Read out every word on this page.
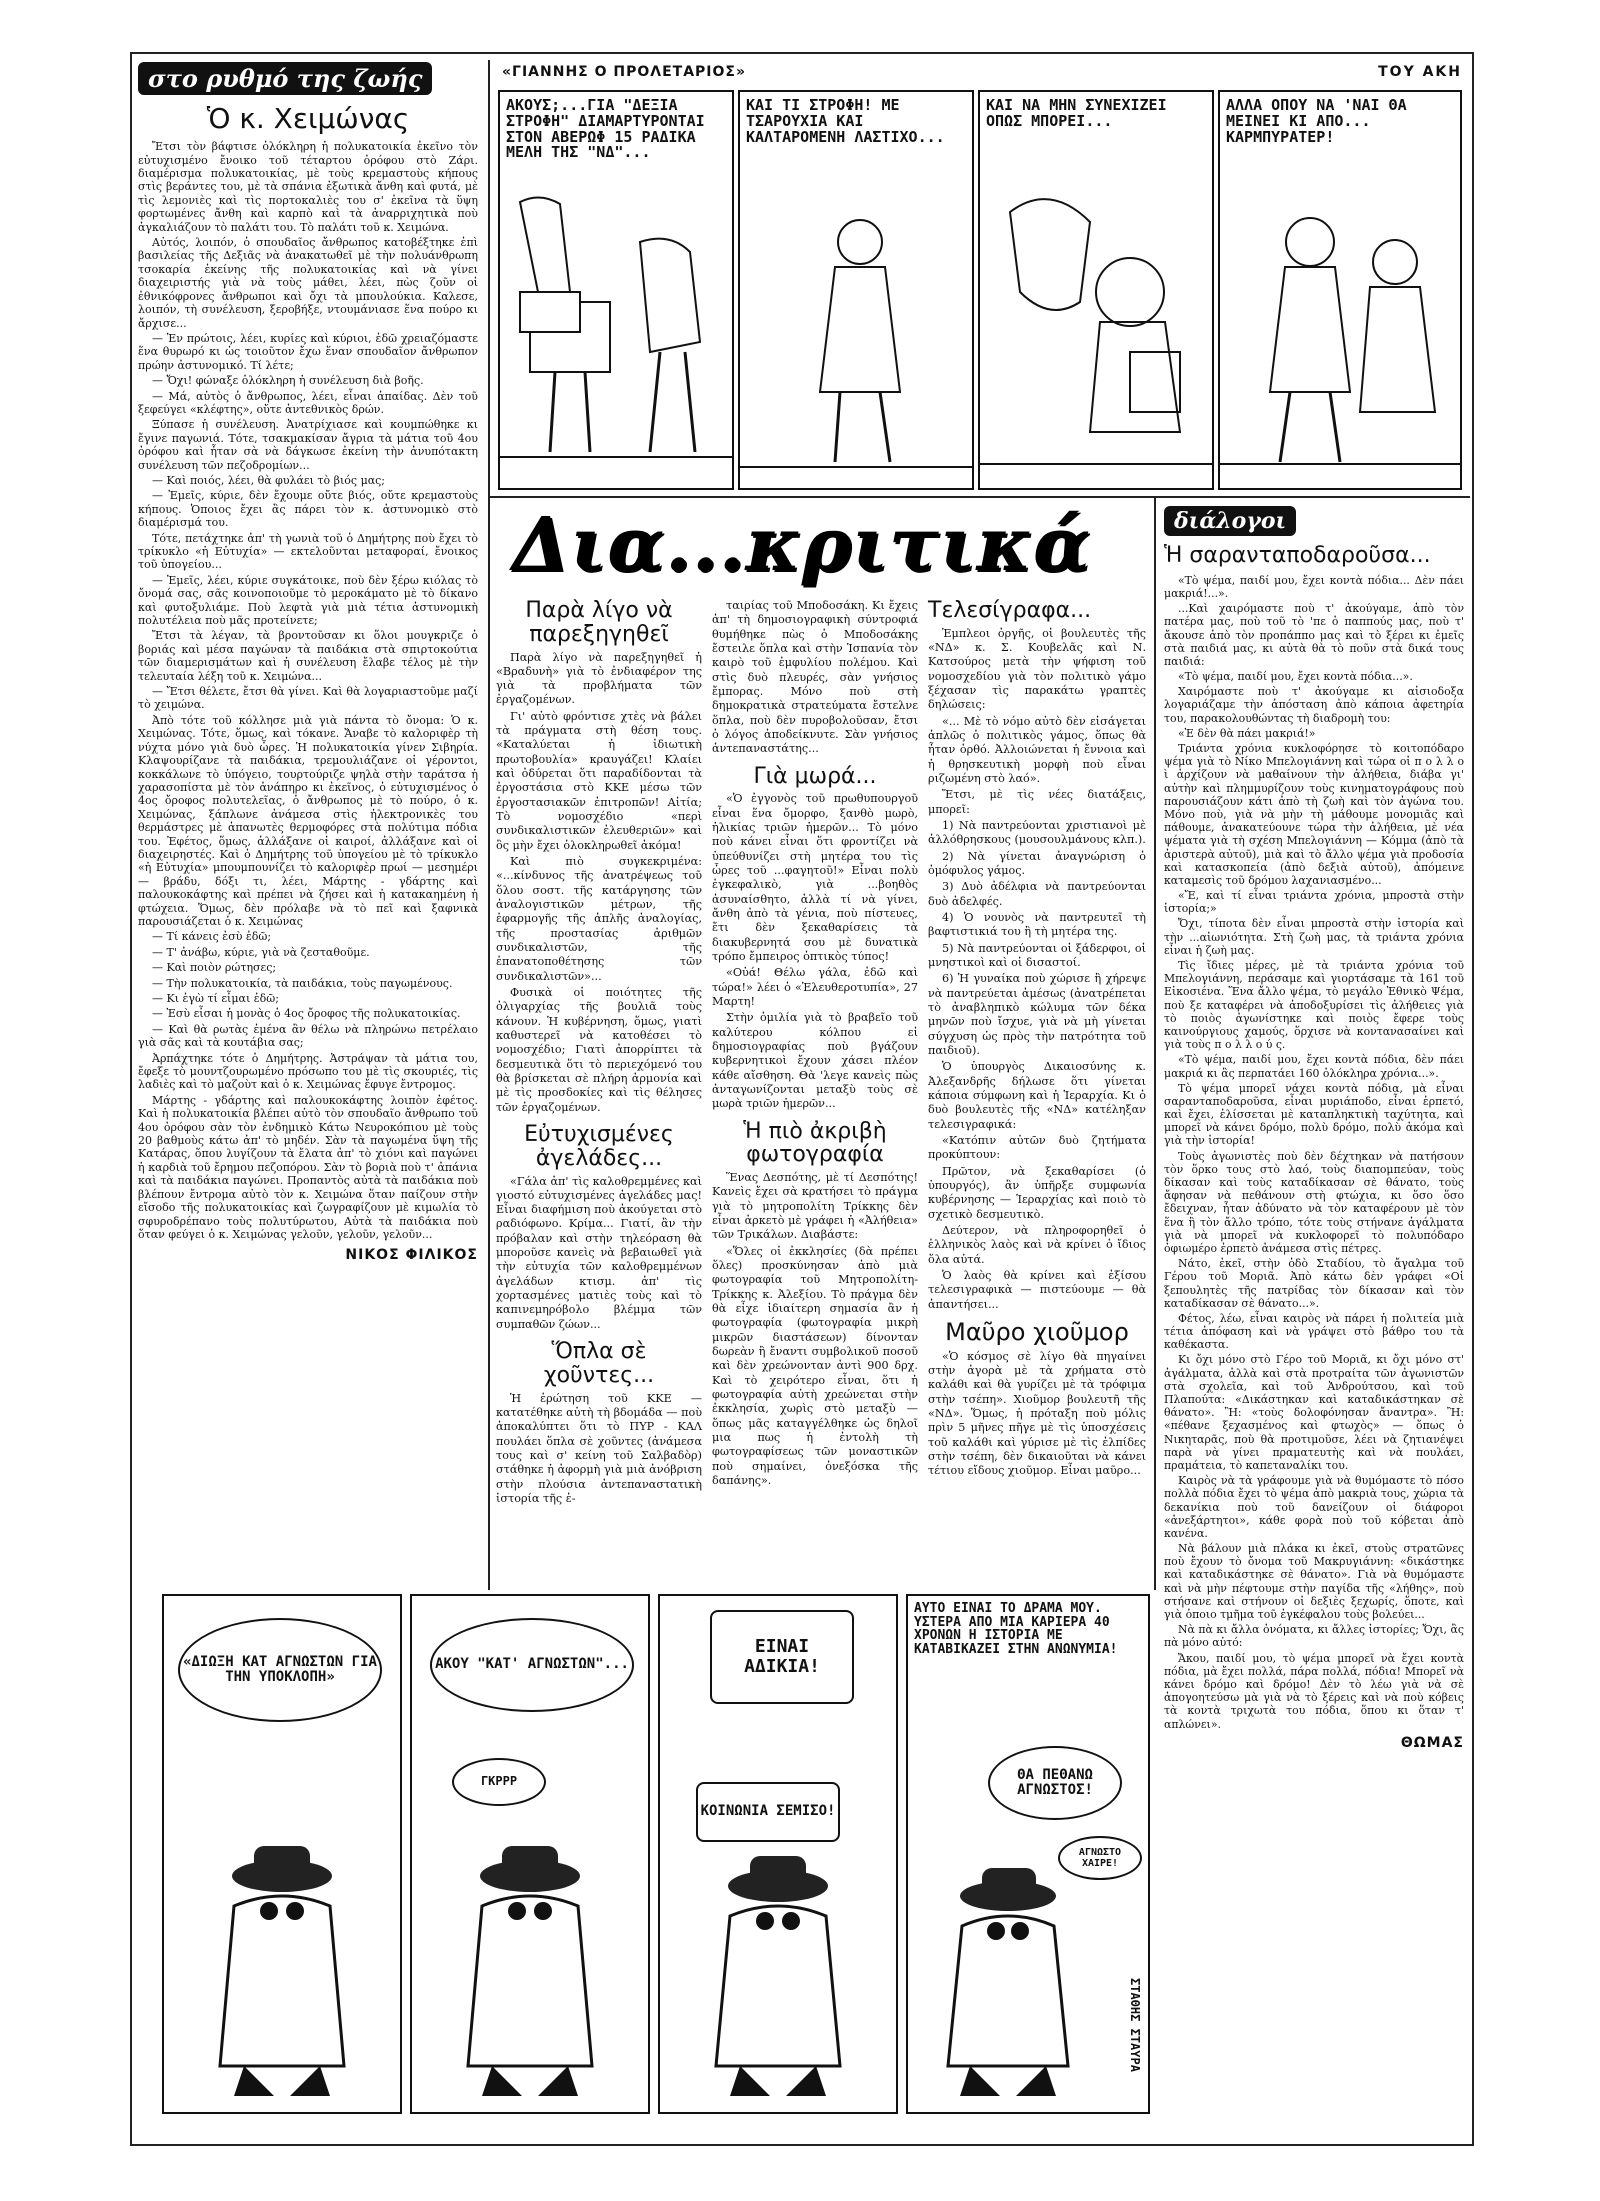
στο ρυθμό της ζωής	«ΓΙΑΝΝΗΣ Ο ΠΡΟΛΕΤΑΡΙΟΣ»	ΤΟΥ ΑΚΗ
Ὁ κ. Χειμώνας

Ἔτσι τὸν βάφτισε ὁλόκληρη ἡ πολυκατοικία ἐκεῖνο τὸν εὐτυχισμένο ἔνοικο τοῦ τέταρτου ὀρόφου στὸ Ζάρι. διαμέρισμα πολυκατοικίας, μὲ τοὺς κρεμαστοὺς κήπους στὶς βεράντες του, μὲ τὰ σπάνια ἐξωτικὰ ἄνθη καὶ φυτά, μὲ τὶς λεμονιὲς καὶ τὶς πορτοκαλιὲς του σ' ἐκεῖνα τὰ ὕψη φορτωμένες ἄνθη καὶ καρπὸ καὶ τὰ ἀναρριχητικὰ ποὺ ἀγκαλιάζουν τὸ παλάτι του. Τὸ παλάτι τοῦ κ. Χειμώνα.

Αὐτός, λοιπόν, ὁ σπουδαῖος ἄνθρωπος κατοβέξτηκε ἐπὶ βασιλείας τῆς Δεξιᾶς νὰ ἀνακατωθεῖ μὲ τὴν πολυάνθρωπη τσοκαρία ἐκείνης τῆς πολυκατοικίας καὶ νὰ γίνει διαχειριστής γιὰ νὰ τοὺς μάθει, λέει, πὼς ζοῦν οἱ ἐθνικόφρονες ἄνθρωποι καὶ ὄχι τὰ μπουλούκια. Καλεσε, λοιπόν, τὴ συνέλευση, ξεροβήξε, ντουμάνιασε ἕνα πούρο κι ἄρχισε...

— Ἐν πρώτοις, λέει, κυρίες καὶ κύριοι, ἐδῶ χρειαζόμαστε ἕνα θυρωρό κι ὡς τοιοῦτον ἔχω ἕναν σπουδαῖον ἄνθρωπον πρώην ἀστυνομικό. Τί λέτε;

— Ὄχι! φώναξε ὁλόκληρη ἡ συνέλευση διὰ βοῆς.

— Μά, αὐτὸς ὁ ἄνθρωπος, λέει, εἶναι ἀπαίδας. Δὲν τοῦ ξεφεύγει «κλέφτης», οὔτε ἀντεθνικὸς δρών.

Ξύπασε ἡ συνέλευση. Ἀνατρίχιασε καὶ κουμπώθηκε κι ἔγινε παγωνιά. Τότε, τσακμακίσαν ἄγρια τὰ μάτια τοῦ 4ου ὀρόφου καὶ ἦταν σὰ νὰ δάγκωσε ἐκείνη τὴν ἀνυπότακτη συνέλευση τῶν πεζοδρομίων...

— Καὶ ποιός, λέει, θὰ φυλάει τὸ βιός μας;

— Ἐμεῖς, κύριε, δὲν ἔχουμε οὔτε βιός, οὔτε κρεμαστοὺς κήπους. Ὁποιος ἔχει ἂς πάρει τὸν κ. ἀστυνομικὸ στὸ διαμέρισμά του.

Τότε, πετάχτηκε ἀπ' τὴ γωνιὰ τοῦ ὁ Δημήτρης ποὺ ἔχει τὸ τρίκυκλο «ἡ Εὐτυχία» — εκτελοῦνται μεταφοραί, ἔνοικος τοῦ ὑπογείου...

— Ἐμεῖς, λέει, κύριε συγκάτοικε, ποὺ δὲν ξέρω κιόλας τὸ ὄνομά σας, σᾶς κοινοποιοῦμε τὸ μεροκάματο μὲ τὸ δίκανο καὶ φυτοξυλιάμε. Ποὺ λεφτὰ γιὰ μιὰ τέτια ἀστυνομικὴ πολυτέλεια ποὺ μᾶς προτείνετε;

Ἔτσι τὰ λέγαν, τὰ βροντοῦσαν κι ὅλοι μουγκριζε ὁ βοριάς καὶ μέσα παγώναν τὰ παιδάκια στὰ σπιρτοκούτια τῶν διαμερισμάτων καὶ ἡ συνέλευση ἔλαβε τέλος μὲ τὴν τελευταία λέξη τοῦ κ. Χειμώνα...

— Ἔτσι θέλετε, ἔτσι θὰ γίνει. Καὶ θὰ λογαριαστοῦμε μαζί τὸ χειμώνα.

Ἀπὸ τότε τοῦ κόλλησε μιὰ γιὰ πάντα τὸ ὄνομα: Ὁ κ. Χειμώνας. Τότε, ὅμως, καὶ τόκανε. Ἄναβε τὸ καλοριφὲρ τὴ νύχτα μόνο γιὰ δυὸ ὧρες. Ἡ πολυκατοικία γίνεν Σιβηρία. Κλαψουρίζανε τὰ παιδάκια, τρεμουλιάζανε οἱ γέροντοι, κοκκάλωνε τὸ ὑπόγειο, τουρτούριζε ψηλὰ στὴν ταράτσα ἡ χαρασοπίστα μὲ τὸν ἀνάπηρο κι ἐκεῖνος, ὁ εὐτυχισμένος ὁ 4ος ὄροφος πολυτελεῖας, ὁ ἄνθρωπος μὲ τὸ πούρο, ὁ κ. Χειμώνας, ξάπλωνε ἀνάμεσα στὶς ἠλεκτρονικὲς του θερμάστρες μὲ ἀπανωτὲς θερμοφόρες στὰ πολύτιμα πόδια του. Ἐφέτος, ὅμως, ἀλλάξανε οἱ καιροί, ἀλλάξανε καὶ οἱ διαχειρηστές. Καὶ ὁ Δημήτρης τοῦ ὑπογείου μὲ τὸ τρίκυκλο «ἡ Εὐτυχία» μπουμπουνίζει τὸ καλοριφὲρ πρωί — μεσημέρι — βράδυ, δόξι τι, λέει, Μάρτης - γδάρτης καὶ παλουκοκάφτης καὶ πρέπει νὰ ζήσει καὶ ἡ κατακαημένη ἡ φτώχεια. Ὅμως, δὲν πρόλαβε νὰ τὸ πεῖ καὶ ξαφνικὰ παρουσιάζεται ὁ κ. Χειμώνας

— Τί κάνεις ἐσὺ ἐδῶ;

— Τ' ἀνάβω, κύριε, γιὰ νὰ ζεσταθοῦμε.

— Καὶ ποιὸν ρώτησες;

— Τὴν πολυκατοικία, τὰ παιδάκια, τοὺς παγωμένους.

— Κι ἐγὼ τί εἶμαι ἐδῶ;

— Ἐσὺ εἶσαι ἡ μονὰς ὁ 4ος ὄροφος τῆς πολυκατοικίας.

— Καὶ θὰ ρωτὰς ἐμένα ἂν θέλω νὰ πληρώνω πετρέλαιο γιὰ σᾶς καὶ τὰ κουτάβια σας;

Ἀρπάχτηκε τότε ὁ Δημήτρης. Ἀστράψαν τὰ μάτια του, ἔφεξε τὸ μουντζουρωμένο πρόσωπο του μὲ τὶς σκουριές, τὶς λαδιὲς καὶ τὸ μαζοὺτ καὶ ὁ κ. Χειμώνας ἔφυγε ἔντρομος.

Μάρτης - γδάρτης καὶ παλουκοκάφτης λοιπὸν ἐφέτος. Καὶ ἡ πολυκατοικία βλέπει αὐτὸ τὸν σπουδαῖο ἄνθρωπο τοῦ 4ου ὀρόφου σὰν τὸν ἐνδημικὸ Κάτω Νευροκόπιου μὲ τοὺς 20 βαθμοὺς κάτω ἀπ' τὸ μηδέν. Σὰν τὰ παγωμένα ὕψη τῆς Κατάρας, ὅπου λυγίζουν τὰ ἔλατα ἀπ' τὸ χιόνι καὶ παγώνει ἡ καρδιὰ τοῦ ἔρημου πεζοπόρου. Σὰν τὸ βοριὰ ποὺ τ' ἀπάνια καὶ τὰ παιδάκια παγώνει. Προπαντὸς αὐτὰ τὰ παιδάκια ποὺ βλέπουν ἔντρομα αὐτὸ τὸν κ. Χειμώνα ὅταν παίζουν στὴν εἴσοδο τῆς πολυκατοικίας καὶ ζωγραφίζουν μὲ κιμωλία τὸ σφυροδρέπανο τοὺς πολυτύρωτου, Αὐτὰ τὰ παιδάκια ποὺ ὅταν φεύγει ὁ κ. Χειμώνας γελοῦν, γελοῦν, γελοῦν...

ΝΙΚΟΣ ΦΙΛΙΚΟΣ
ΑΚΟΥΣ;...ΓΙΑ "ΔΕΞΙΑ ΣΤΡΟΦΗ" ΔΙΑΜΑΡΤΥΡΟΝΤΑΙ ΣΤΟΝ ΑΒΕΡΩΦ 15 ΡΑΔΙΚΑ ΜΕΛΗ ΤΗΣ "ΝΔ"...
ΚΑΙ ΤΙ ΣΤΡΟΦΗ! ΜΕ ΤΣΑΡΟΥΧΙΑ ΚΑΙ ΚΑΛΤΑΡΟΜΕΝΗ ΛΑΣΤΙΧΟ...
ΚΑΙ ΝΑ ΜΗΝ ΣΥΝΕΧΙΖΕΙ ΟΠΩΣ ΜΠΟΡΕΙ...
ΑΛΛΑ ΟΠΟΥ ΝΑ 'ΝΑΙ ΘΑ ΜΕΙΝΕΙ ΚΙ ΑΠΟ... ΚΑΡΜΠΥΡΑΤΕΡ!
Δια...κριτικά
Παρὰ λίγο νὰ παρεξηγηθεῖ

Παρὰ λίγο νὰ παρεξηγηθεῖ ἡ «Βραδυνὴ» γιὰ τὸ ἐνδιαφέρον της γιὰ τὰ προβλήματα τῶν ἐργαζομένων.

Γι' αὐτὸ φρόντισε χτὲς νὰ βάλει τὰ πράγματα στὴ θέση τους. «Καταλύεται ἡ ἰδιωτικὴ πρωτοβουλία» κραυγάζει! Κλαίει καὶ ὀδύρεται ὅτι παραδίδονται τὰ ἐργοστάσια στὸ ΚΚΕ μέσω τῶν ἐργοστασιακῶν ἐπιτροπῶν! Αἰτία; Τὸ νομοσχέδιο «περὶ συνδικαλιστικῶν ἐλευθεριῶν» καὶ ὃς μὴν ἔχει ὁλοκληρωθεῖ ἀκόμα!

Καὶ πιὸ συγκεκριμένα: «...κίνδυνος τῆς ἀνατρέψεως τοῦ ὅλου σοστ. τῆς κατάργησης τῶν ἀναλογιστικῶν μέτρων, τῆς ἐφαρμογῆς τῆς ἁπλῆς ἀναλογίας, τῆς προστασίας ἀριθμῶν συνδικαλιστῶν, τῆς ἐπανατοποθέτησης τῶν συνδικαλιστῶν»...

Φυσικὰ οἱ ποιότητες τῆς ὀλιγαρχίας τῆς βουλιᾶ τοὺς κάνουν. Ἡ κυβέρνηση, ὅμως, γιατὶ καθυστερεῖ νὰ κατοθέσει τὸ νομοσχέδιο; Γιατὶ ἀπορρίπτει τὰ δεσμευτικὰ ὅτι τὸ περιεχόμενό του θὰ βρίσκεται σὲ πλήρη ἁρμονία καὶ μὲ τὶς προσδοκίες καὶ τὶς θέλησες τῶν ἐργαζομένων.

Εὐτυχισμένες ἀγελάδες...

«Γάλα ἀπ' τὶς καλοθρεμμένες καὶ γιοστό εὐτυχισμένες ἀγελάδες μας! Εἶναι διαφήμιση ποὺ ἀκούγεται στὸ ραδιόφωνο. Κρίμα... Γιατί, ἂν τὴν πρόβαλαν καὶ στὴν τηλεόραση θὰ μποροῦσε κανεὶς νὰ βεβαιωθεῖ γιὰ τὴν εὐτυχία τῶν καλοθρεμμένων ἀγελάδων κτισμ. ἀπ' τὶς χορτασμένες ματιὲς τοὺς καὶ τὸ καπινεμηρόβολο βλέμμα τῶν συμπαθῶν ζώων...

Ὅπλα σὲ χοῦντες...

Ἡ ἐρώτηση τοῦ ΚΚΕ — κατατέθηκε αὐτὴ τὴ βδομάδα — ποὺ ἀποκαλύπτει ὅτι τὸ ΠΥΡ - ΚΑΛ πουλάει ὅπλα σὲ χοῦντες (ἀνάμεσα τους καὶ σ' κείνη τοῦ Σαλβαδὸρ) στάθηκε ἡ ἀφορμὴ γιὰ μιὰ ἀνόβριση στὴν πλούσια ἀντεπαναστατικὴ ἱστορία τῆς ἑ-

ταιρίας τοῦ Μποδοσάκη. Κι ἔχεις ἀπ' τὴ δημοσιογραφικὴ σύντροφιά θυμήθηκε πὼς ὁ Μποδοσάκης ἔστειλε ὅπλα καὶ στὴν Ἱσπανία τὸν καιρὸ τοῦ ἐμφυλίου πολέμου. Καὶ στὶς δυὸ πλευρές, σὰν γνήσιος ἔμπορας. Μόνο ποὺ στὴ δημοκρατικὰ στρατεύματα ἔστελνε ὅπλα, ποὺ δὲν πυροβολοῦσαν, ἔτσι ὁ λόγος ἀποδείκνυτε. Σὰν γνήσιος ἀντεπαναστάτης...

Γιὰ μωρά...

«Ὁ ἐγγονὸς τοῦ πρωθυπουργοῦ εἶναι ἕνα ὄμορφο, ξανθὸ μωρὸ, ἡλικίας τριῶν ἡμερῶν... Τὸ μόνο ποὺ κάνει εἶναι ὅτι φροντίζει νὰ ὑπεύθυνίζει στὴ μητέρα του τὶς ὧρες τοῦ ...φαγητοῦ!» Εἶναι πολὺ ἐγκεφαλικὸ, γιὰ ...βοηθὸς ἀσυναίσθητο, ἀλλὰ τί νὰ γίνει, ἄνθη ἀπὸ τὰ γένια, ποὺ πίστευες, ἔτι δὲν ξεκαθαρίσεις τὰ διακυβερνητά σου μὲ δυνατικὰ τρόπο ἔμπειρος ὀπτικὸς τύπος!

«Οὐά! Θέλω γάλα, ἐδῶ καὶ τώρα!» λέει ὁ «Ἐλευθεροτυπία», 27 Μαρτη!

Στὴν ὁμιλία γιὰ τὸ βραβεῖο τοῦ καλύτερου κόλπου εἰ δημοσιογραφίας ποὺ βγάζουν κυβερνητικοὶ ἔχουν χάσει πλέον κάθε αἴσθηση. Θὰ 'λεγε κανεὶς πὼς ἀνταγωνίζονται μεταξὺ τοὺς σὲ μωρὰ τριῶν ἡμερῶν...

Ἡ πιὸ ἀκριβὴ φωτογραφία

Ἕνας Δεσπότης, μὲ τί Δεσπότης! Κανεὶς ἔχει σὰ κρατήσει τὸ πράγμα γιὰ τὸ μητροπολίτη Τρίκκης δὲν εἶναι ἀρκετὸ μὲ γράφει ἡ «Ἀλήθεια» τῶν Τρικάλων. Διαβάστε:

«Ὅλες οἱ ἐκκλησίες (δὰ πρέπει ὅλες) προσκύνησαν ἀπὸ μιὰ φωτογραφία τοῦ Μητροπολίτη-Τρίκκης κ. Ἀλεξίου. Τὸ πράγμα δὲν θὰ εἶχε ἰδιαίτερη σημασία ἂν ἡ φωτογραφία (φωτογραφία μικρὴ μικρῶν διαστάσεων) δίνονταν δωρεὰν ἢ ἔναντι συμβολικοῦ ποσοῦ καὶ δὲν χρεώνονταν ἀντὶ 900 δρχ. Καὶ τὸ χειρότερο εἶναι, ὅτι ἡ φωτογραφία αὐτὴ χρεώνεται στὴν ἐκκλησία, χωρὶς στὸ μεταξὺ — ὅπως μᾶς καταγγέλθηκε ὡς δηλοῖ μια πως ἡ ἐντολὴ τὴ φωτογραφίσεως τῶν μοναστικῶν ποὺ σημαίνει, ὀνεξόσκα τῆς δαπάνης».

Τελεσίγραφα...

Ἐμπλεοι ὀργῆς, οἱ βουλευτὲς τῆς «ΝΔ» κ. Σ. Κουβελᾶς καὶ Ν. Κατσούρος μετὰ τὴν ψήφιση τοῦ νομοσχεδίου γιὰ τὸν πολιτικὸ γάμο ξέχασαν τὶς παρακάτω γραπτὲς δηλώσεις:

«... Μὲ τὸ νόμο αὐτὸ δὲν εἰσάγεται ἁπλῶς ὁ πολιτικὸς γάμος, ὅπως θὰ ἦταν ὀρθό. Ἀλλοιώνεται ἡ ἔννοια καὶ ἡ θρησκευτικὴ μορφὴ ποὺ εἶναι ριζωμένη στὸ λαό».

Ἔτσι, μὲ τὶς νέες διατάξεις, μπορεῖ:

1) Νὰ παντρεύονται χριστιανοὶ μὲ ἀλλόθρησκους (μουσουλμάνους κλπ.).

2) Νὰ γίνεται ἀναγνώριση ὁ ὁμόφυλος γάμος.

3) Δυὸ ἀδέλφια νὰ παντρεύονται δυὸ ἀδελφές.

4) Ὁ νουνὸς νὰ παντρευτεῖ τὴ βαφτιστικιά του ἢ τὴ μητέρα της.

5) Νὰ παντρεύονται οἱ ξάδερφοι, οἱ μνηστικοὶ καὶ οἱ δισαστοί.

6) Ἡ γυναίκα ποὺ χώρισε ἢ χήρεψε νὰ παντρεύεται ἀμέσως (ἀνατρέπεται τὸ ἀναβληπικὸ κώλυμα τῶν δέκα μηνῶν ποὺ ἴσχυε, γιὰ νὰ μὴ γίνεται σύγχυση ὡς πρὸς τὴν πατρότητα τοῦ παιδιοῦ).

Ὁ ὑπουργὸς Δικαιοσύνης κ. Ἀλεξανδρῆς δήλωσε ὅτι γίνεται κάποια σύμφωνη καὶ ἡ Ἱεραρχία. Κι ὁ δυὸ βουλευτὲς τῆς «ΝΔ» κατέληξαν τελεσιγραφικά:

«Κατόπιν αὐτῶν δυὸ ζητήματα προκύπτουν:

Πρῶτον, νὰ ξεκαθαρίσει (ὁ ὑπουργός), ἂν ὑπῆρξε συμφωνία κυβέρνησης — Ἱεραρχίας καὶ ποιὸ τὸ σχετικὸ δεσμευτικὸ.

Δεύτερον, νὰ πληροφορηθεῖ ὁ ἑλληνικὸς λαὸς καὶ νὰ κρίνει ὁ ἴδιος ὅλα αὐτά.

Ὁ λαὸς θὰ κρίνει καὶ ἐξίσου τελεσιγραφικὰ — πιστεύουμε — θὰ ἀπαντήσει...

Μαῦρο χιοῦμορ

«Ὁ κόσμος σὲ λίγο θὰ πηγαίνει στὴν ἀγορὰ μὲ τὰ χρήματα στὸ καλάθι καὶ θὰ γυρίζει μὲ τὰ τρόφιμα στὴν τσέπη». Χιοῦμορ βουλευτῆ τῆς «ΝΔ». Ὅμως, ἡ πρόταξη ποὺ μόλις πρὶν 5 μῆνες πῆγε μὲ τὶς ὑποσχέσεις τοῦ καλάθι καὶ γύρισε μὲ τὶς ἐλπίδες στὴν τσέπη, δὲν δικαιοῦται νὰ κάνει τέτιου εἴδους χιοῦμορ. Εἶναι μαῦρο...

διάλογοι
Ἡ σαρανταποδαροῦσα...

«Τὸ ψέμα, παιδί μου, ἔχει κοντὰ πόδια... Δὲν πάει μακριά!...».

...Καὶ χαιρόμαστε ποὺ τ' ἀκούγαμε, ἀπὸ τὸν πατέρα μας, ποὺ τοῦ τὸ 'πε ὁ παππούς μας, ποὺ τ' ἄκουσε ἀπὸ τὸν προπάππο μας καὶ τὸ ξέρει κι ἐμεῖς στὰ παιδιά μας, κι αὐτὰ θὰ τὸ ποῦν στὰ δικά τους παιδιά:

«Τὸ ψέμα, παιδί μου, ἔχει κοντὰ πόδια...».

Χαιρόμαστε ποὺ τ' ἀκούγαμε κι αἰσιοδοξα λογαριάζαμε τὴν ἀπόσταση ἀπὸ κάποια ἀφετηρία του, παρακολουθώντας τὴ διαδρομὴ του:

«Ἐ δὲν θὰ πάει μακριά!»

Τριάντα χρόνια κυκλοφόρησε τὸ κοιτοπόδαρο ψέμα γιὰ τὸ Νίκο Μπελογιάννη καὶ τώρα οἱ π ο λ λ ο ὶ ἀρχίζουν νὰ μαθαίνουν τὴν ἀλήθεια, διάβα γι' αὐτὴν καὶ πλημμυρίζουν τοὺς κινηματογράφους ποὺ παρουσιάζουν κάτι ἀπὸ τὴ ζωὴ καὶ τὸν ἀγώνα του. Μόνο ποὺ, γιὰ νὰ μὴν τὴ μάθουμε μονομιᾶς καὶ πάθουμε, ἀνακατεύουνε τώρα τὴν ἀλήθεια, μὲ νέα ψέματα γιὰ τὴ σχέση Μπελογιάννη — Κόμμα (ἀπὸ τὰ ἀριστερὰ αὐτοῦ), μιὰ καὶ τὸ ἄλλο ψέμα γιὰ προδοσία καὶ κατασκοπεία (ἀπὸ δεξιὰ αὐτοῦ), ἀπόμεινε καταμεσὶς τοῦ δρόμου λαχανιασμένο...

«Ἔ, καὶ τί εἶναι τριάντα χρόνια, μπροστὰ στὴν ἱστορία;»

Ὄχι, τίποτα δὲν εἶναι μπροστὰ στὴν ἱστορία καὶ τὴν ...αἰωνιότητα. Στὴ ζωὴ μας, τὰ τριάντα χρόνια εἶναι ἡ ζωὴ μας.

Τὶς ἴδιες μέρες, μὲ τὰ τριάντα χρόνια τοῦ Μπελογιάννη, περάσαμε καὶ γιορτάσαμε τὰ 161 τοῦ Εἰκοσιένα. Ἕνα ἄλλο ψέμα, τὸ μεγάλο Ἐθνικὸ Ψέμα, ποὺ ξε καταφέρει νὰ ἀποδοξυρίσει τὶς ἀλήθειες γιὰ τὸ ποιὸς ἀγωνίστηκε καὶ ποιὸς ἔφερε τοὺς καινούργιους χαμούς, ὅρχισε νὰ κοντανασαίνει καὶ γιὰ τοὺς π ο λ λ ο ύ ς.

«Τὸ ψέμα, παιδί μου, ἔχει κοντὰ πόδια, δὲν πάει μακριά κι ἂς περπατάει 160 ὁλόκληρα χρόνια...».

Τὸ ψέμα μπορεῖ νάχει κοντὰ πόδια, μὰ εἶναι σαρανταποδαροῦσα, εἶναι μυριάποδο, εἶναι ἑρπετό, καὶ ἔχει, ἐλίσσεται μὲ καταπληκτικὴ ταχύτητα, καὶ μπορεῖ νὰ κάνει δρόμο, πολὺ δρόμο, πολὺ ἀκόμα καὶ γιὰ τὴν ἱστορία!

Τοὺς ἀγωνιστὲς ποὺ δὲν δέχτηκαν νὰ πατήσουν τὸν ὅρκο τους στὸ λαό, τοὺς διαπομπεύαν, τοὺς δίκασαν καὶ τοὺς καταδίκασαν σὲ θάνατο, τοὺς ἄφησαν νὰ πεθάνουν στὴ φτώχια, κι ὅσο ὅσο ἔδειχναν, ἦταν ἀδύνατο νὰ τὸν καταφέρουν μὲ τὸν ἕνα ἢ τὸν ἄλλο τρόπο, τότε τοὺς στήνανε ἀγάλματα γιὰ νὰ μπορεῖ νὰ κυκλοφορεῖ τὸ πολυπόδαρο ὀφιωμέρο ἐρπετὸ ἀνάμεσα στὶς πέτρες.

Νάτο, ἐκεῖ, στὴν ὁδὸ Σταδίου, τὸ ἄγαλμα τοῦ Γέρου τοῦ Μοριᾶ. Ἀπὸ κάτω δὲν γράφει «Οἱ ξεπουλητὲς τῆς πατρίδας τὸν δίκασαν καὶ τὸν καταδίκασαν σὲ θάνατο...».

Φέτος, λέω, εἶναι καιρὸς νὰ πάρει ἡ πολιτεία μιὰ τέτια ἀπόφαση καὶ νὰ γράψει στὸ βάθρο του τὰ καθέκαστα.

Κι ὄχι μόνο στὸ Γέρο τοῦ Μοριᾶ, κι ὄχι μόνο στ' ἀγάλματα, ἀλλὰ καὶ στὰ προτραίτα τῶν ἀγωνιστῶν στὰ σχολεῖα, καὶ τοῦ Ἀνδρούτσου, καὶ τοῦ Πλαπούτα: «Δικάστηκαν καὶ καταδικάστηκαν σὲ θάνατο». Ἢ: «τοὺς δολοφόνησαν ἄναντρα». Ἢ: «πέθανε ξεχασμένος καὶ φτωχὸς» — ὅπως ὁ Νικηταρᾶς, ποὺ θὰ προτιμοῦσε, λέει νὰ ζητιανέψει παρὰ νὰ γίνει πραματευτὴς καὶ νὰ πουλάει, πραμάτεια, τὸ καπεταναλίκι του.

Καιρὸς νὰ τὰ γράφουμε γιὰ νὰ θυμόμαστε τὸ πόσο πολλὰ πόδια ἔχει τὸ ψέμα ἀπὸ μακριὰ τους, χώρια τὰ δεκανίκια ποὺ τοῦ δανείζουν οἱ διάφοροι «ἀνεξάρτητοι», κάθε φορὰ ποὺ τοῦ κόβεται ἀπὸ κανένα.

Νὰ βάλουν μιὰ πλάκα κι ἐκεῖ, στοὺς στρατῶνες ποὺ ἔχουν τὸ ὄνομα τοῦ Μακρυγιάννη: «δικάστηκε καὶ καταδικάστηκε σὲ θάνατο». Γιὰ νὰ θυμόμαστε καὶ νὰ μὴν πέφτουμε στὴν παγίδα τῆς «λήθης», ποὺ στήσανε καὶ στήνουν οἱ δεξιὲς ξεχωρίς, ὅποτε, καὶ γιὰ ὁποιο τμῆμα τοῦ ἐγκέφαλου τοὺς βολεύει...

Νὰ πὰ κι ἄλλα ὀνόματα, κι ἄλλες ἱστορίες; Ὄχι, ἂς πὰ μόνο αὐτό:

Ἄκου, παιδί μου, τὸ ψέμα μπορεῖ νὰ ἔχει κοντὰ πόδια, μὰ ἔχει πολλά, πάρα πολλά, πόδια! Μπορεῖ νὰ κάνει δρόμο καὶ δρόμο! Δὲν τὸ λέω γιὰ νὰ σὲ ἀπογοητεύσω μὰ γιὰ νὰ τὸ ξέρεις καὶ νὰ ποὺ κόβεις τὰ κοντὰ τριχωτὰ του πόδια, ὅπου κι ὅταν τ' απλώνει».

ΘΩΜΑΣ
«ΔΙΩΞΗ ΚΑΤ ΑΓΝΩΣΤΩΝ ΓΙΑ ΤΗΝ ΥΠΟΚΛΟΠΗ»
ΑΚΟΥ "ΚΑΤ' ΑΓΝΩΣΤΩΝ"...
ΓΚΡΡΡ
ΕΙΝΑΙ ΑΔΙΚΙΑ!
ΚΟΙΝΩΝΙΑ ΣΕΜΙΣΟ!
ΑΥΤΟ ΕΙΝΑΙ ΤΟ ΔΡΑΜΑ ΜΟΥ. ΥΣΤΕΡΑ ΑΠΟ ΜΙΑ ΚΑΡΙΕΡΑ 40 ΧΡΟΝΩΝ Η ΙΣΤΟΡΙΑ ΜΕ ΚΑΤΑΒΙΚΑΖΕΙ ΣΤΗΝ ΑΝΩΝΥΜΙΑ!
ΘΑ ΠΕΘΑΝΩ ΑΓΝΩΣΤΟΣ!
ΑΓΝΩΣΤΟ ΧΑΙΡΕ!
ΣΤΑΘΗΣ ΣΤΑΥΡΑ
